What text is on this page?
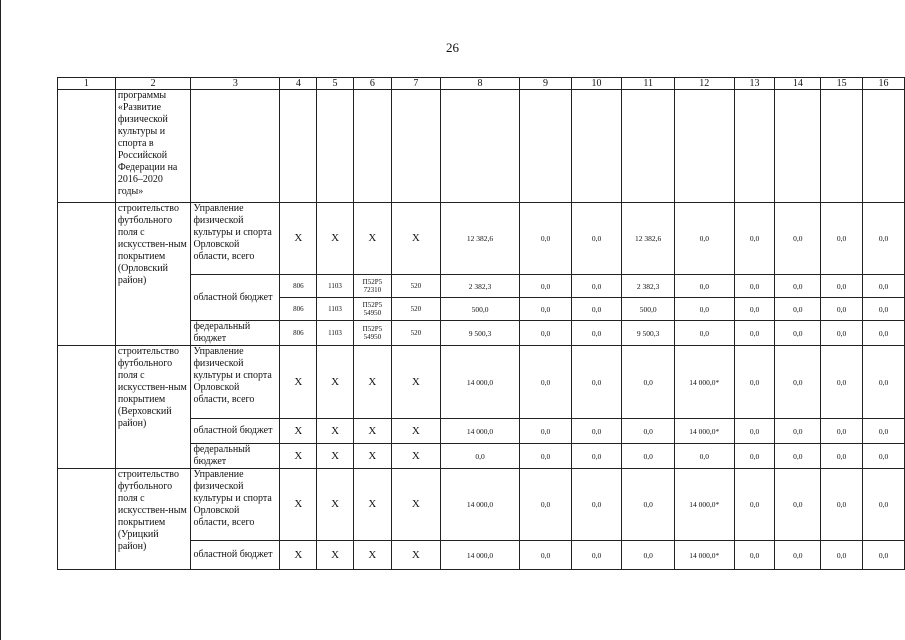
26
1	2	3	4	5	6	7	8	9	10	11	12	13	14	15	16
	программы «Развитие физической культуры и спорта в Российской Федерации на 2016–2020 годы»														
	строительство футбольного поля с искусствен-ным покрытием (Орловский район)	Управление физической культуры и спорта Орловской области, всего	X	X	X	X	12 382,6	0,0	0,0	12 382,6	0,0	0,0	0,0	0,0	0,0
		областной бюджет	806	1103	П52Р5 72310	520	2 382,3	0,0	0,0	2 382,3	0,0	0,0	0,0	0,0	0,0
			806	1103	П52Р5 54950	520	500,0	0,0	0,0	500,0	0,0	0,0	0,0	0,0	0,0
		федеральный бюджет	806	1103	П52Р5 54950	520	9 500,3	0,0	0,0	9 500,3	0,0	0,0	0,0	0,0	0,0
	строительство футбольного поля с искусствен-ным покрытием (Верховский район)	Управление физической культуры и спорта Орловской области, всего	X	X	X	X	14 000,0	0,0	0,0	0,0	14 000,0*	0,0	0,0	0,0	0,0
		областной бюджет	X	X	X	X	14 000,0	0,0	0,0	0,0	14 000,0*	0,0	0,0	0,0	0,0
		федеральный бюджет	X	X	X	X	0,0	0,0	0,0	0,0	0,0	0,0	0,0	0,0	0,0
	строительство футбольного поля с искусствен-ным покрытием (Урицкий район)	Управление физической культуры и спорта Орловской области, всего	X	X	X	X	14 000,0	0,0	0,0	0,0	14 000,0*	0,0	0,0	0,0	0,0
		областной бюджет	X	X	X	X	14 000,0	0,0	0,0	0,0	14 000,0*	0,0	0,0	0,0	0,0
